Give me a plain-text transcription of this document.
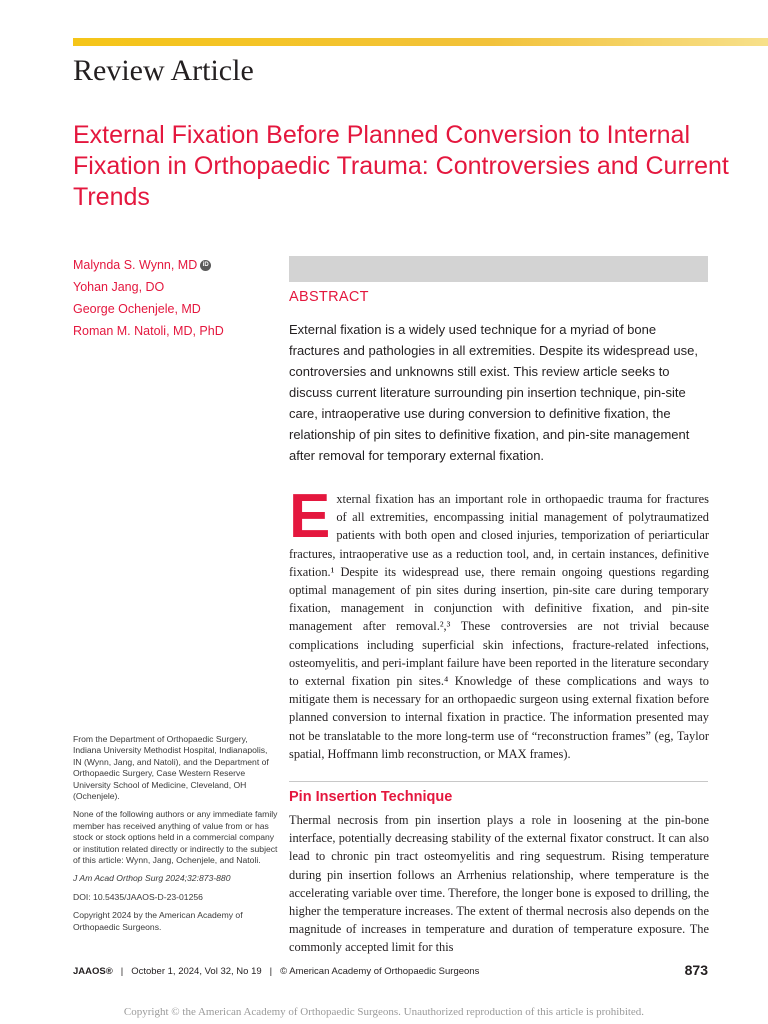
Review Article
External Fixation Before Planned Conversion to Internal Fixation in Orthopaedic Trauma: Controversies and Current Trends
Malynda S. Wynn, MD iD
Yohan Jang, DO
George Ochenjele, MD
Roman M. Natoli, MD, PhD
ABSTRACT
External fixation is a widely used technique for a myriad of bone fractures and pathologies in all extremities. Despite its widespread use, controversies and unknowns still exist. This review article seeks to discuss current literature surrounding pin insertion technique, pin-site care, intraoperative use during conversion to definitive fixation, the relationship of pin sites to definitive fixation, and pin-site management after removal for temporary external fixation.
External fixation has an important role in orthopaedic trauma for fractures of all extremities, encompassing initial management of polytraumatized patients with both open and closed injuries, temporization of periarticular fractures, intraoperative use as a reduction tool, and, in certain instances, definitive fixation.¹ Despite its widespread use, there remain ongoing questions regarding optimal management of pin sites during insertion, pin-site care during temporary fixation, management in conjunction with definitive fixation, and pin-site management after removal.²,³ These controversies are not trivial because complications including superficial skin infections, fracture-related infections, osteomyelitis, and peri-implant failure have been reported in the literature secondary to external fixation pin sites.⁴ Knowledge of these complications and ways to mitigate them is necessary for an orthopaedic surgeon using external fixation before planned conversion to internal fixation in practice. The information presented may not be translatable to the more long-term use of “reconstruction frames” (eg, Taylor spatial, Hoffmann limb reconstruction, or MAX frames).
Pin Insertion Technique
Thermal necrosis from pin insertion plays a role in loosening at the pin-bone interface, potentially decreasing stability of the external fixator construct. It can also lead to chronic pin tract osteomyelitis and ring sequestrum. Rising temperature during pin insertion follows an Arrhenius relationship, where temperature is the accelerating variable over time. Therefore, the longer bone is exposed to drilling, the higher the temperature increases. The extent of thermal necrosis also depends on the magnitude of increases in temperature and duration of temperature exposure. The commonly accepted limit for this

From the Department of Orthopaedic Surgery, Indiana University Methodist Hospital, Indianapolis, IN (Wynn, Jang, and Natoli), and the Department of Orthopaedic Surgery, Case Western Reserve University School of Medicine, Cleveland, OH (Ochenjele).

None of the following authors or any immediate family member has received anything of value from or has stock or stock options held in a commercial company or institution related directly or indirectly to the subject of this article: Wynn, Jang, Ochenjele, and Natoli.

J Am Acad Orthop Surg 2024;32:873-880

DOI: 10.5435/JAAOS-D-23-01256

Copyright 2024 by the American Academy of Orthopaedic Surgeons.

JAAOS® | October 1, 2024, Vol 32, No 19 | © American Academy of Orthopaedic Surgeons	873
Copyright © the American Academy of Orthopaedic Surgeons. Unauthorized reproduction of this article is prohibited.
